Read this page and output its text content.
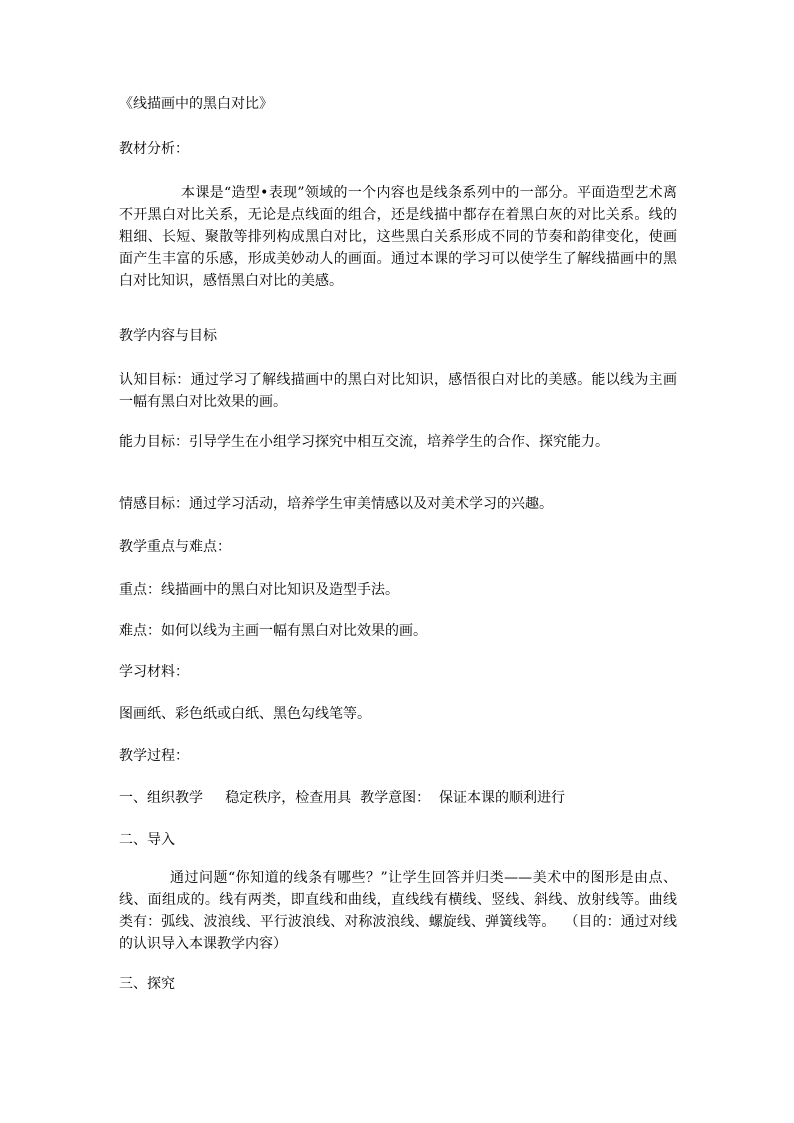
《线描画中的黑白对比》
教材分析：
本课是“造型•表现”领域的一个内容也是线条系列中的一部分。平面造型艺术离不开黑白对比关系，无论是点线面的组合，还是线描中都存在着黑白灰的对比关系。线的粗细、长短、聚散等排列构成黑白对比，这些黑白关系形成不同的节奏和韵律变化，使画面产生丰富的乐感，形成美妙动人的画面。通过本课的学习可以使学生了解线描画中的黑白对比知识，感悟黑白对比的美感。
教学内容与目标
认知目标：通过学习了解线描画中的黑白对比知识，感悟很白对比的美感。能以线为主画一幅有黑白对比效果的画。
能力目标：引导学生在小组学习探究中相互交流，培养学生的合作、探究能力。
情感目标：通过学习活动，培养学生审美情感以及对美术学习的兴趣。
教学重点与难点：
重点：线描画中的黑白对比知识及造型手法。
难点：如何以线为主画一幅有黑白对比效果的画。
学习材料：
图画纸、彩色纸或白纸、黑色勾线笔等。
教学过程：
一、组织教学     稳定秩序，检查用具  教学意图：  保证本课的顺利进行
二、导入
通过问题“你知道的线条有哪些？”让学生回答并归类——美术中的图形是由点、线、面组成的。线有两类，即直线和曲线，直线线有横线、竖线、斜线、放射线等。曲线类有：弧线、波浪线、平行波浪线、对称波浪线、螺旋线、弹簧线等。  （目的：通过对线的认识导入本课教学内容）
三、探究
